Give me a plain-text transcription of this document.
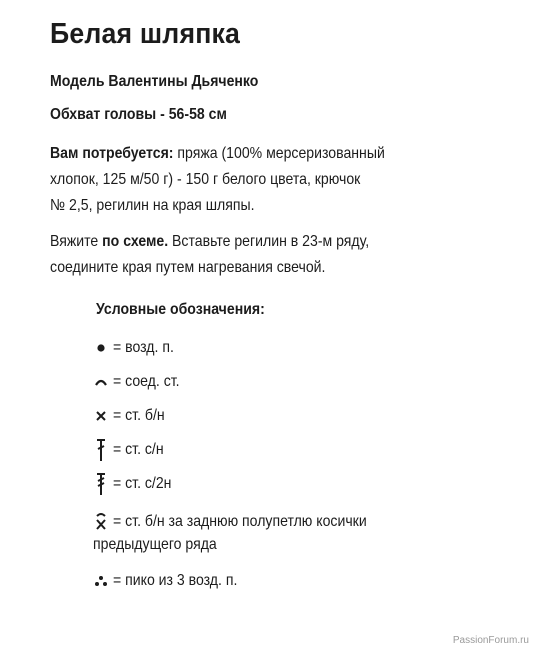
Белая шляпка
Модель Валентины Дьяченко
Обхват головы - 56-58 см
Вам потребуется: пряжа (100% мерсеризованный
хлопок, 125 м/50 г) - 150 г белого цвета, крючок
№ 2,5, регилин на края шляпы.
Вяжите по схеме. Вставьте регилин в 23-м ряду,
соедините края путем нагревания свечой.
Условные обозначения:
= возд. п.
= соед. ст.
= ст. б/н
= ст. с/н
= ст. с/2н
= ст. б/н за заднюю полупетлю косички
предыдущего ряда
= пико из 3 возд. п.
PassionForum.ru
